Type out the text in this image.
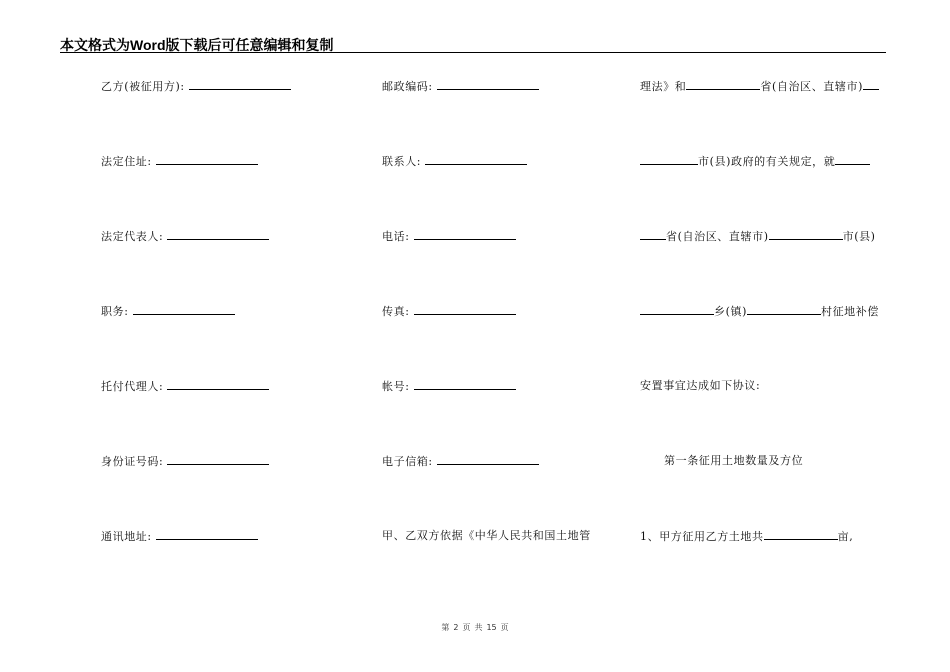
本文格式为Word版下载后可任意编辑和复制
乙方(被征用方):
法定住址:
法定代表人:
职务:
托付代理人:
身份证号码:
通讯地址:
邮政编码:
联系人:
电话:
传真:
帐号:
电子信箱:
甲、乙双方依据《中华人民共和国土地管
理法》和	省(自治区、直辖市)
市(县)政府的有关规定，就
省(自治区、直辖市)	市(县)
乡(镇)	村征地补偿
安置事宜达成如下协议:
第一条征用土地数量及方位
1、甲方征用乙方土地共	亩,
第 2 页 共 15 页
